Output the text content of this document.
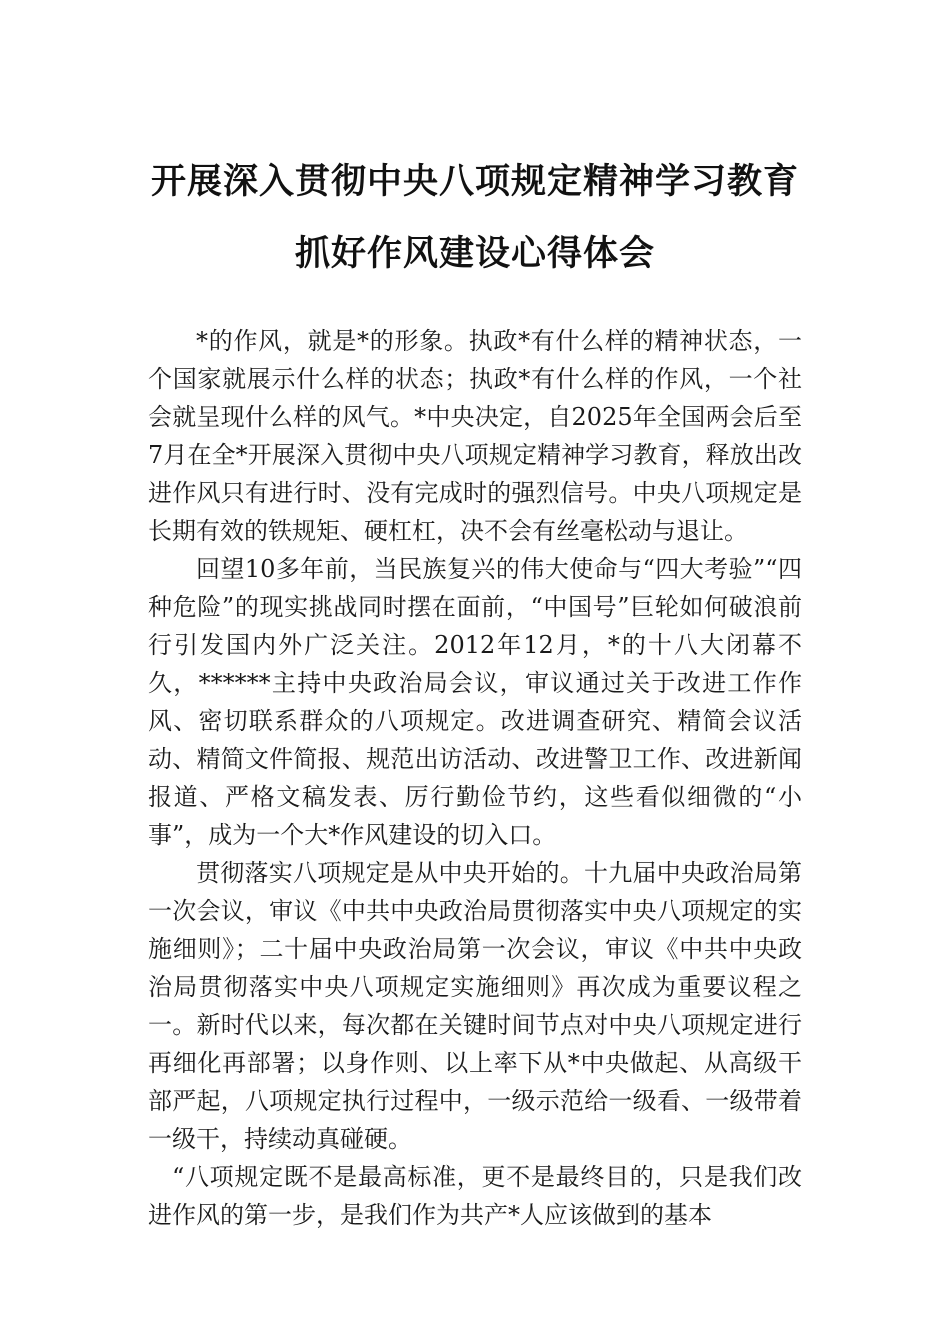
开展深入贯彻中央八项规定精神学习教育
抓好作风建设心得体会

*的作风，就是*的形象。执政*有什么样的精神状态，一个国家就展示什么样的状态；执政*有什么样的作风，一个社会就呈现什么样的风气。*中央决定，自2025年全国两会后至7月在全*开展深入贯彻中央八项规定精神学习教育，释放出改进作风只有进行时、没有完成时的强烈信号。中央八项规定是长期有效的铁规矩、硬杠杠，决不会有丝毫松动与退让。

回望10多年前，当民族复兴的伟大使命与“四大考验”“四种危险”的现实挑战同时摆在面前，“中国号”巨轮如何破浪前行引发国内外广泛关注。2012年12月，*的十八大闭幕不久，******主持中央政治局会议，审议通过关于改进工作作风、密切联系群众的八项规定。改进调查研究、精简会议活动、精简文件简报、规范出访活动、改进警卫工作、改进新闻报道、严格文稿发表、厉行勤俭节约，这些看似细微的“小事”，成为一个大*作风建设的切入口。

贯彻落实八项规定是从中央开始的。十九届中央政治局第一次会议，审议《中共中央政治局贯彻落实中央八项规定的实施细则》；二十届中央政治局第一次会议，审议《中共中央政治局贯彻落实中央八项规定实施细则》再次成为重要议程之一。新时代以来，每次都在关键时间节点对中央八项规定进行再细化再部署；以身作则、以上率下从*中央做起、从高级干部严起，八项规定执行过程中，一级示范给一级看、一级带着一级干，持续动真碰硬。

“八项规定既不是最高标准，更不是最终目的，只是我们改进作风的第一步，是我们作为共产*人应该做到的基本
